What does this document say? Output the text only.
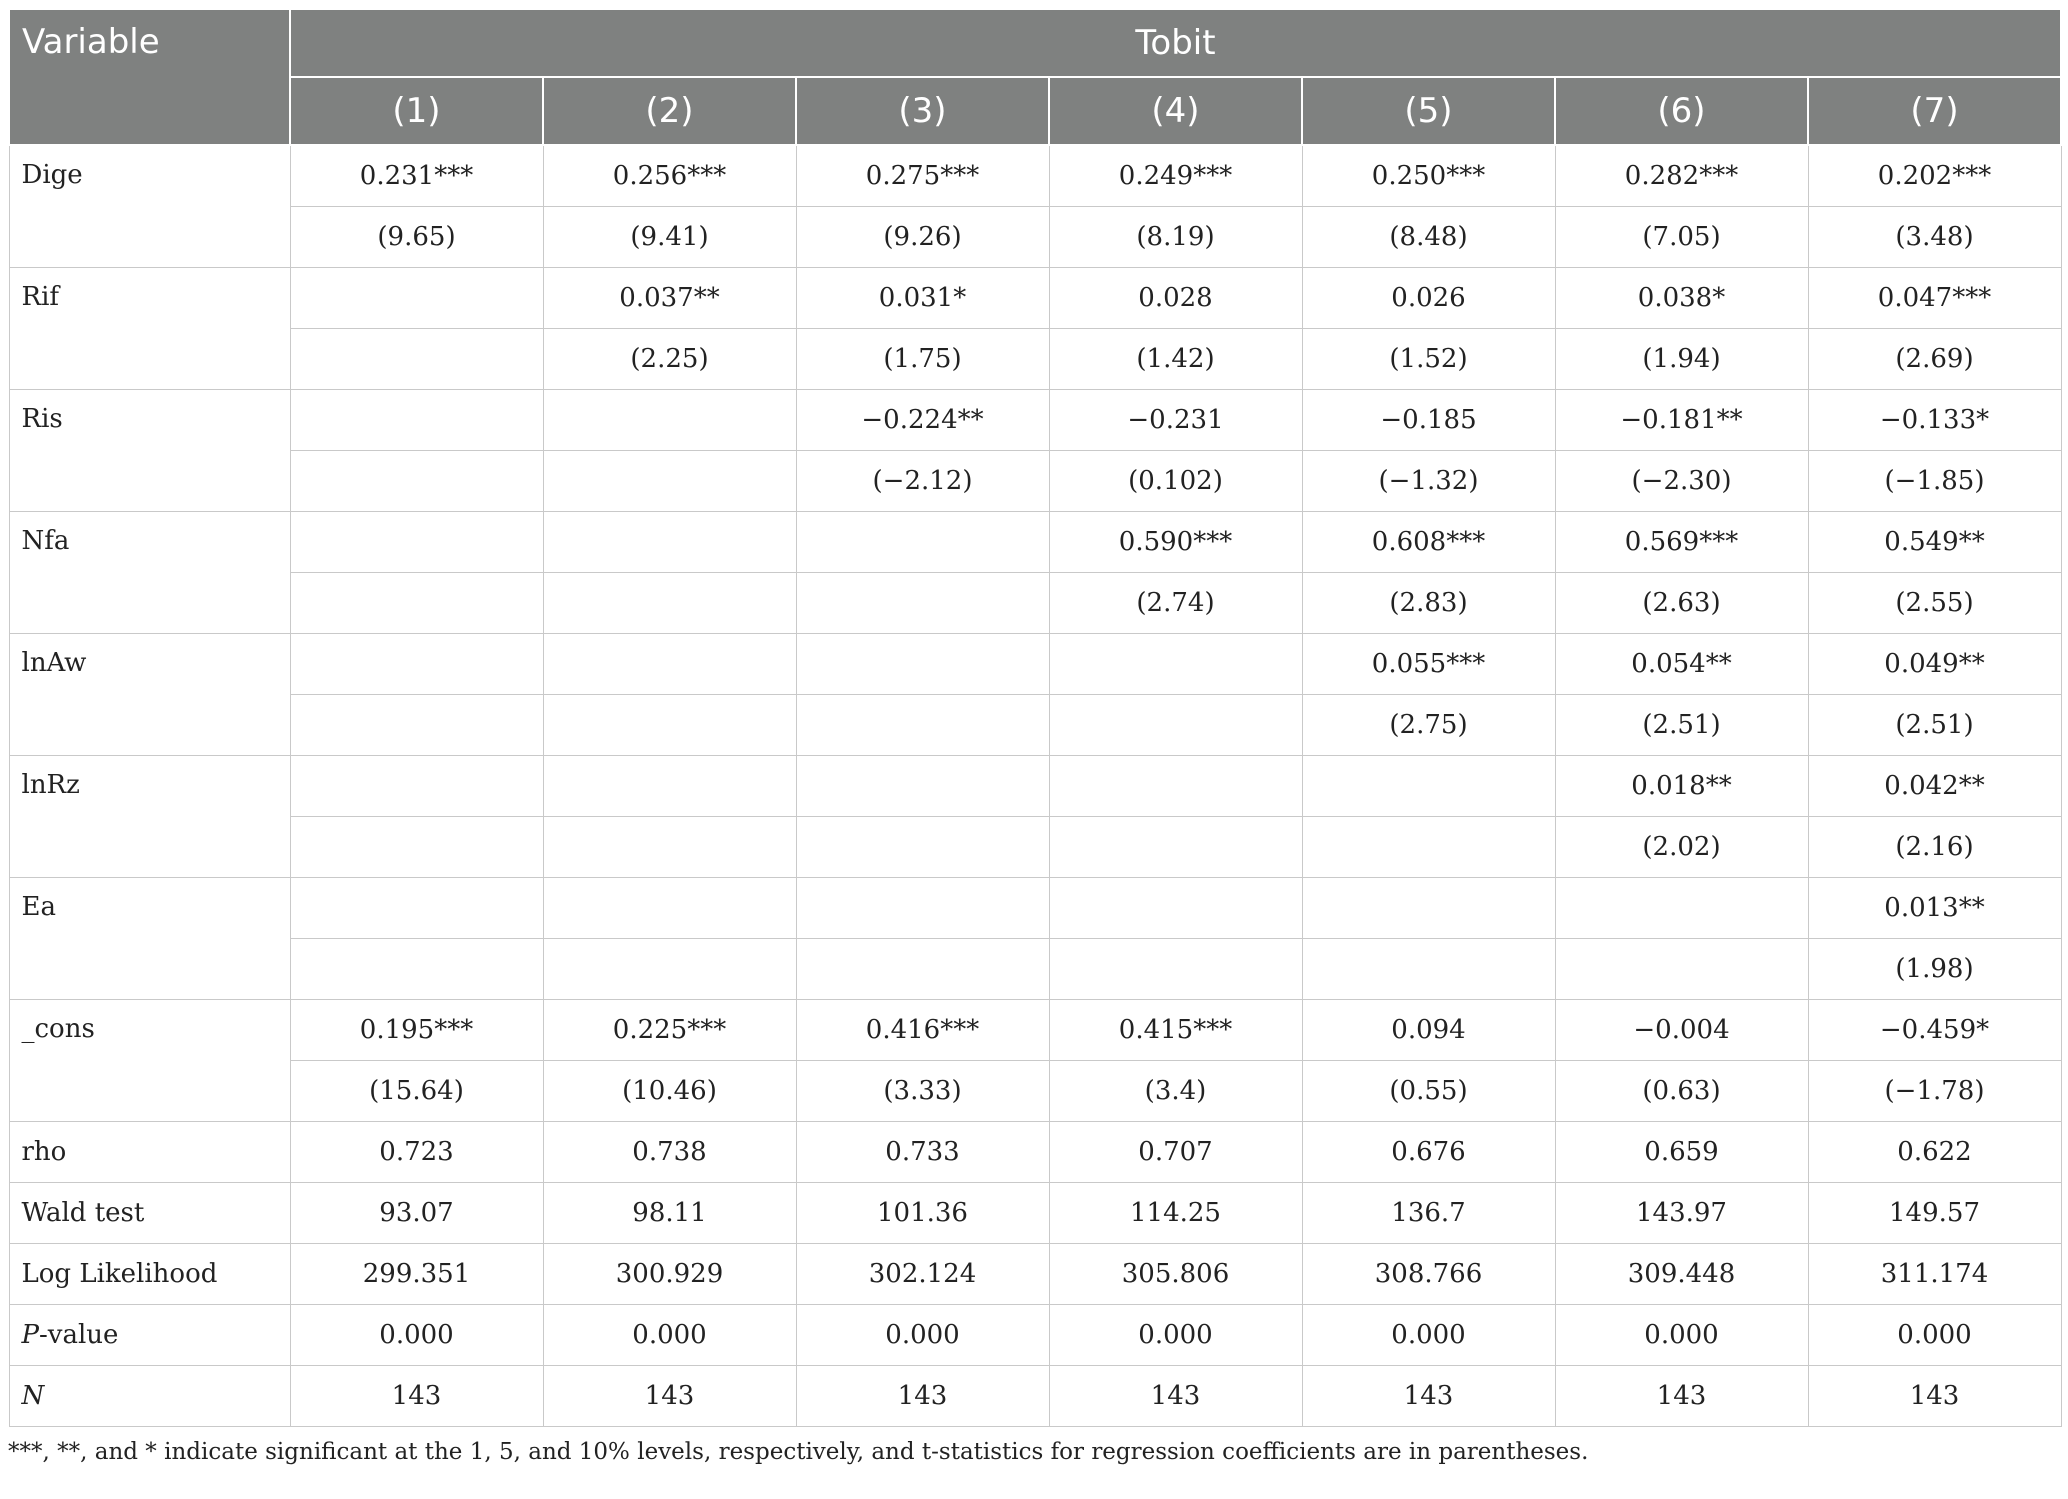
Variable	Tobit						
	(1)	(2)	(3)	(4)	(5)	(6)	(7)
Dige	0.231***	0.256***	0.275***	0.249***	0.250***	0.282***	0.202***
	(9.65)	(9.41)	(9.26)	(8.19)	(8.48)	(7.05)	(3.48)
Rif		0.037**	0.031*	0.028	0.026	0.038*	0.047***
		(2.25)	(1.75)	(1.42)	(1.52)	(1.94)	(2.69)
Ris			−0.224**	−0.231	−0.185	−0.181**	−0.133*
			(−2.12)	(0.102)	(−1.32)	(−2.30)	(−1.85)
Nfa				0.590***	0.608***	0.569***	0.549**
				(2.74)	(2.83)	(2.63)	(2.55)
lnAw					0.055***	0.054**	0.049**
					(2.75)	(2.51)	(2.51)
lnRz						0.018**	0.042**
						(2.02)	(2.16)
Ea							0.013**
							(1.98)
_cons	0.195***	0.225***	0.416***	0.415***	0.094	−0.004	−0.459*
	(15.64)	(10.46)	(3.33)	(3.4)	(0.55)	(0.63)	(−1.78)
rho	0.723	0.738	0.733	0.707	0.676	0.659	0.622
Wald test	93.07	98.11	101.36	114.25	136.7	143.97	149.57
Log Likelihood	299.351	300.929	302.124	305.806	308.766	309.448	311.174
P-value	0.000	0.000	0.000	0.000	0.000	0.000	0.000
N	143	143	143	143	143	143	143
***, **, and * indicate significant at the 1, 5, and 10% levels, respectively, and t-statistics for regression coefficients are in parentheses.
